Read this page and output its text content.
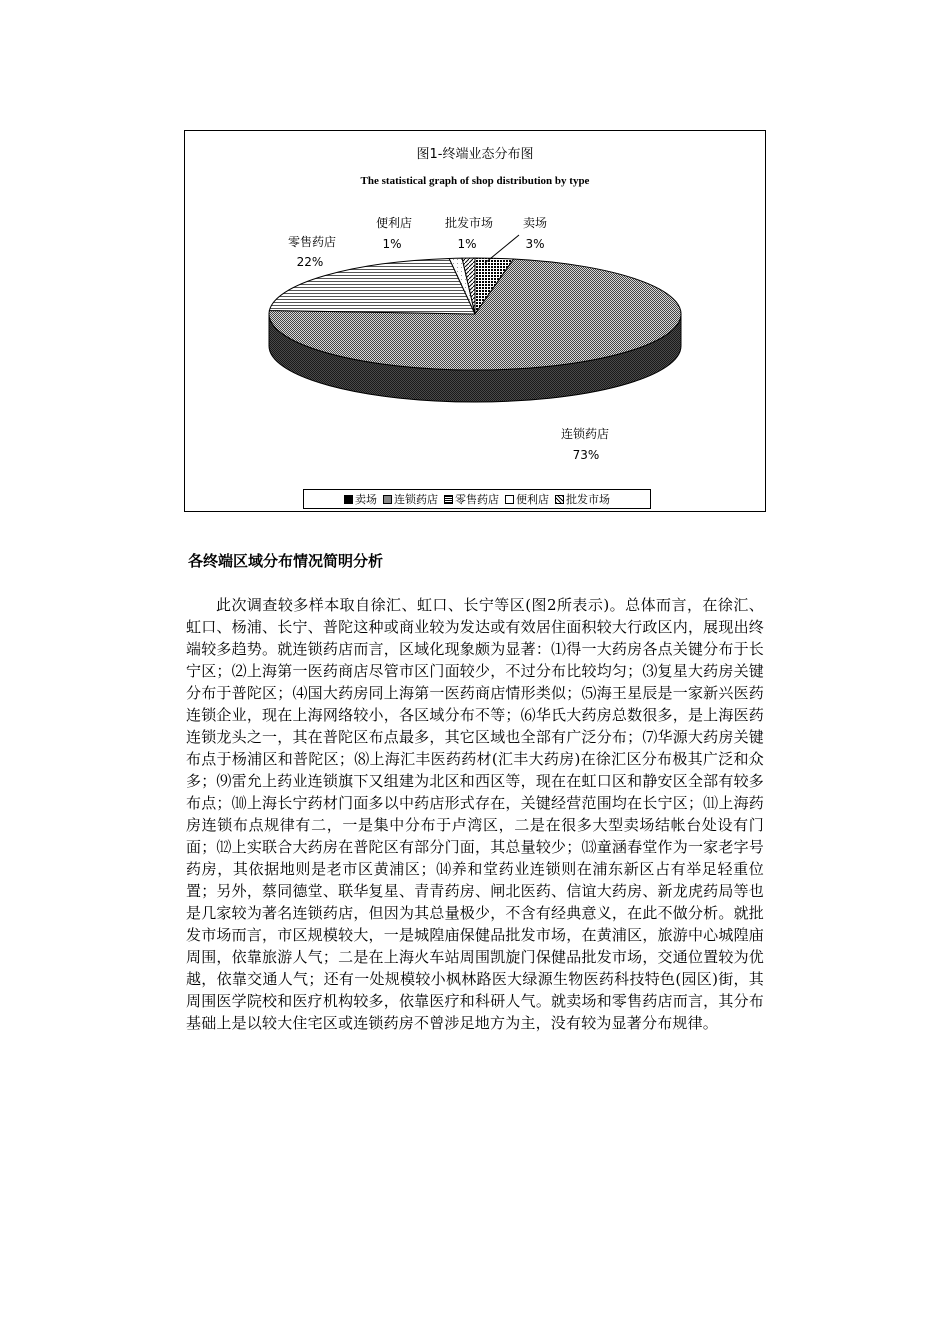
图1-终端业态分布图
The statistical graph of shop distribution by type
零售药店
22%
便利店
1%
批发市场
1%
卖场
3%
连锁药店
73%
卖场 连锁药店 零售药店 便利店 批发市场
各终端区域分布情况简明分析

此次调查较多样本取自徐汇、虹口、长宁等区(图2所表示)。总体而言，在徐汇、虹口、杨浦、长宁、普陀这种或商业较为发达或有效居住面积较大行政区内，展现出终端较多趋势。就连锁药店而言，区域化现象颇为显著：⑴得一大药房各点关键分布于长宁区；⑵上海第一医药商店尽管市区门面较少，不过分布比较均匀；⑶复星大药房关键分布于普陀区；⑷国大药房同上海第一医药商店情形类似；⑸海王星辰是一家新兴医药连锁企业，现在上海网络较小，各区域分布不等；⑹华氏大药房总数很多，是上海医药连锁龙头之一，其在普陀区布点最多，其它区域也全部有广泛分布；⑺华源大药房关键布点于杨浦区和普陀区；⑻上海汇丰医药药材(汇丰大药房)在徐汇区分布极其广泛和众多；⑼雷允上药业连锁旗下又组建为北区和西区等，现在在虹口区和静安区全部有较多布点；⑽上海长宁药材门面多以中药店形式存在，关键经营范围均在长宁区；⑾上海药房连锁布点规律有二，一是集中分布于卢湾区，二是在很多大型卖场结帐台处设有门面；⑿上实联合大药房在普陀区有部分门面，其总量较少；⒀童涵春堂作为一家老字号药房，其依据地则是老市区黄浦区；⒁养和堂药业连锁则在浦东新区占有举足轻重位置；另外，蔡同德堂、联华复星、青青药房、闸北医药、信谊大药房、新龙虎药局等也是几家较为著名连锁药店，但因为其总量极少，不含有经典意义，在此不做分析。就批发市场而言，市区规模较大，一是城隍庙保健品批发市场，在黄浦区，旅游中心城隍庙周围，依靠旅游人气；二是在上海火车站周围凯旋门保健品批发市场，交通位置较为优越，依靠交通人气；还有一处规模较小枫林路医大绿源生物医药科技特色(园区)街，其周围医学院校和医疗机构较多，依靠医疗和科研人气。就卖场和零售药店而言，其分布基础上是以较大住宅区或连锁药房不曾涉足地方为主，没有较为显著分布规律。
